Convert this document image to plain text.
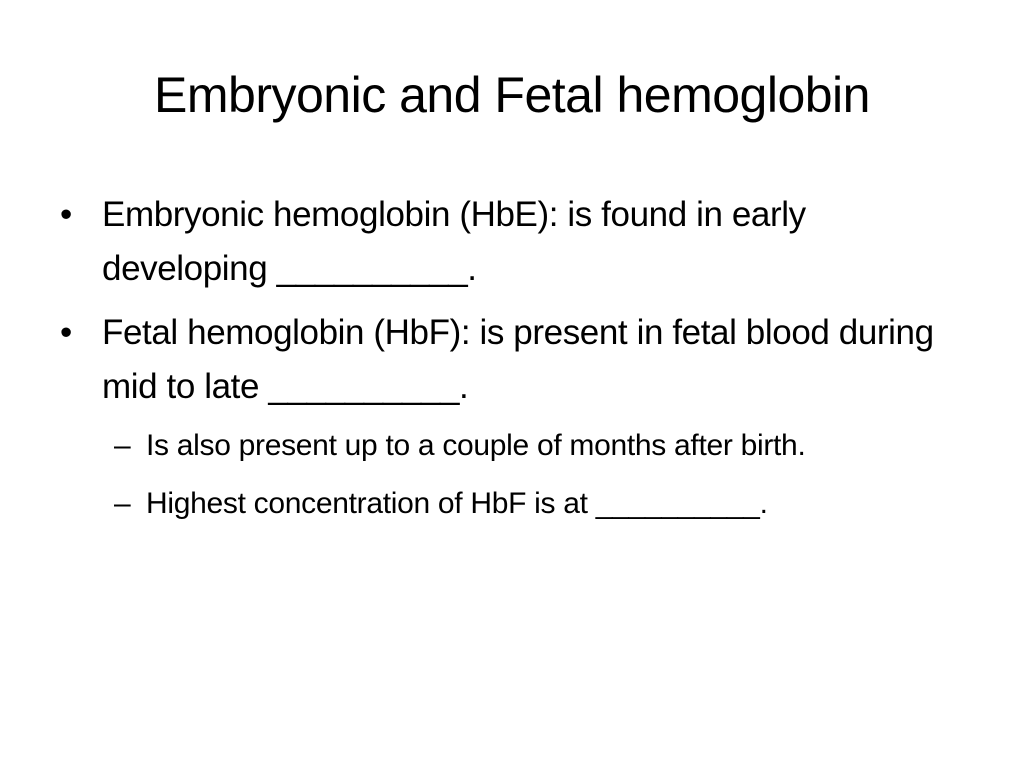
Embryonic and Fetal hemoglobin
• Embryonic hemoglobin (HbE): is found in early developing __________.
• Fetal hemoglobin (HbF): is present in fetal blood during mid to late __________.
– Is also present up to a couple of months after birth.
– Highest concentration of HbF is at __________.
